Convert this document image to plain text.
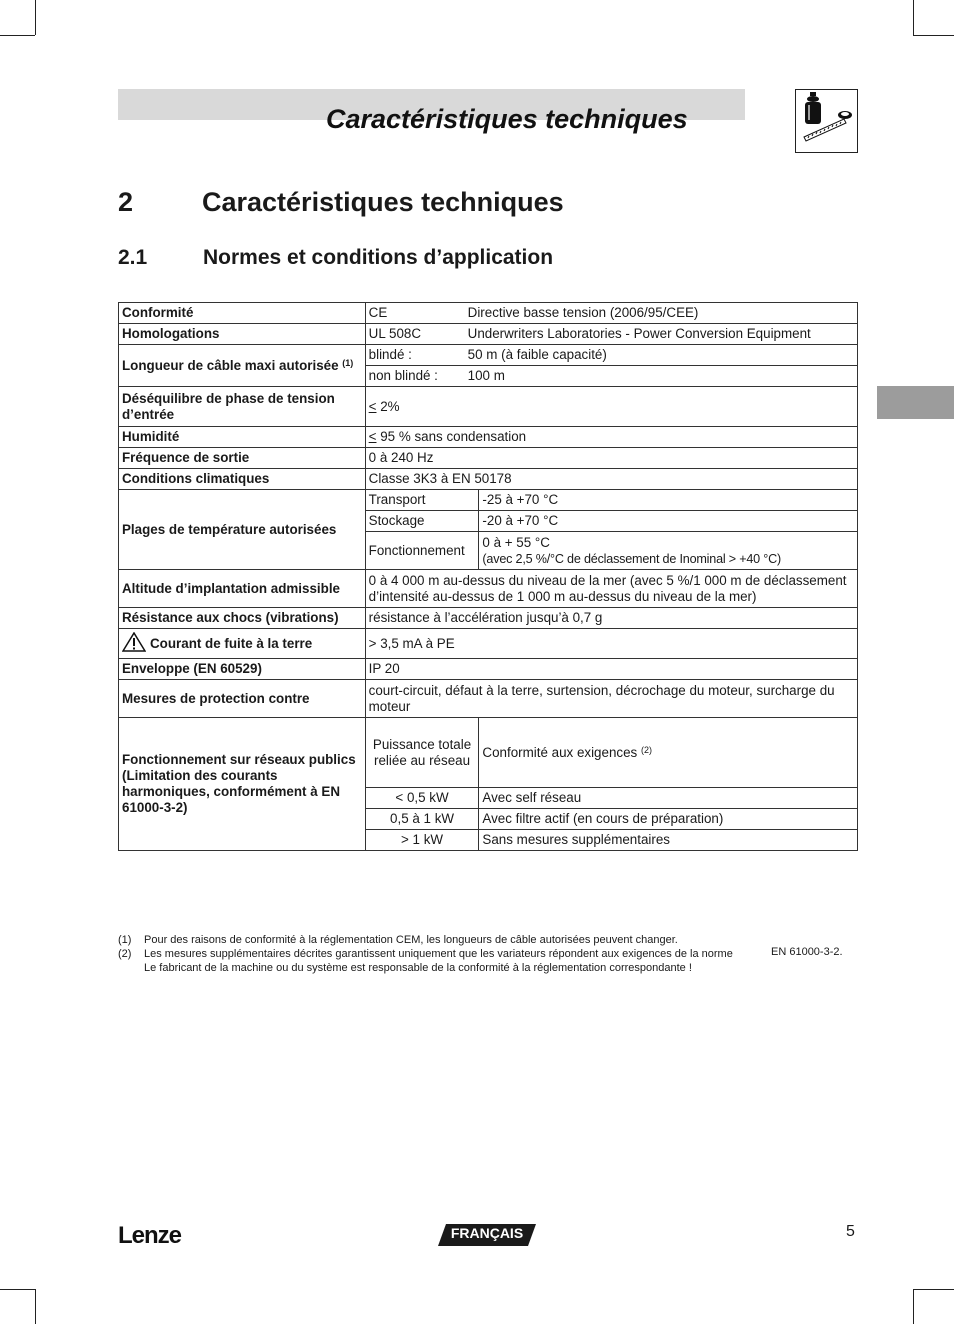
Caractéristiques techniques
2	Caractéristiques techniques
2.1	Normes et conditions d’application
Conformité	CE Directive basse tension (2006/95/CEE)	

Homologations	UL 508C Underwriters Laboratories - Power Conversion Equipment	

Longueur de câble maxi autorisée $^{(1)}$	blindé : 50 m (à faible capacité)	

	non blindé : 100 m	

Déséquilibre de phase de tension d’entrée	< 2%	
Humidité	< 95 % sans condensation	
Fréquence de sortie	0 à 240 Hz	
Conditions climatiques	Classe 3K3 à EN 50178	
Plages de température autorisées	Transport	-25 à +70 °C
	Stockage	-20 à +70 °C
	Fonctionnement	0 à + 55 °C
(avec 2,5 %/°C de déclassement de Inominal > +40 °C)

Altitude d’implantation admissible	0 à 4 000 m au-dessus du niveau de la mer (avec 5 %/1 000 m de déclassement d’intensité au-dessus de 1 000 m au-dessus du niveau de la mer)	
Résistance aux chocs (vibrations)	résistance à l’accélération jusqu’à 0,7 g	

Courant de fuite à la terre	> 3,5 mA à PE	
Enveloppe (EN 60529)	IP 20	
Mesures de protection contre	court-circuit, défaut à la terre, surtension, décrochage du moteur, surcharge du moteur	
Fonctionnement sur réseaux publics (Limitation des courants harmoniques, conformément à EN 61000-3-2)	Puissance totale reliée au réseau	Conformité aux exigences $^{(2)}$
	< 0,5 kW	Avec self réseau
	0,5 à 1 kW	Avec filtre actif (en cours de préparation)
	> 1 kW	Sans mesures supplémentaires
(1)	Pour des raisons de conformité à la réglementation CEM, les longueurs de câble autorisées peuvent changer.
(2)	Les mesures supplémentaires décrites garantissent uniquement que les variateurs répondent aux exigences de la norme
Le fabricant de la machine ou du système est responsable de la conformité à la réglementation correspondante !
EN 61000-3-2.
Lenze	FRANÇAIS	5
